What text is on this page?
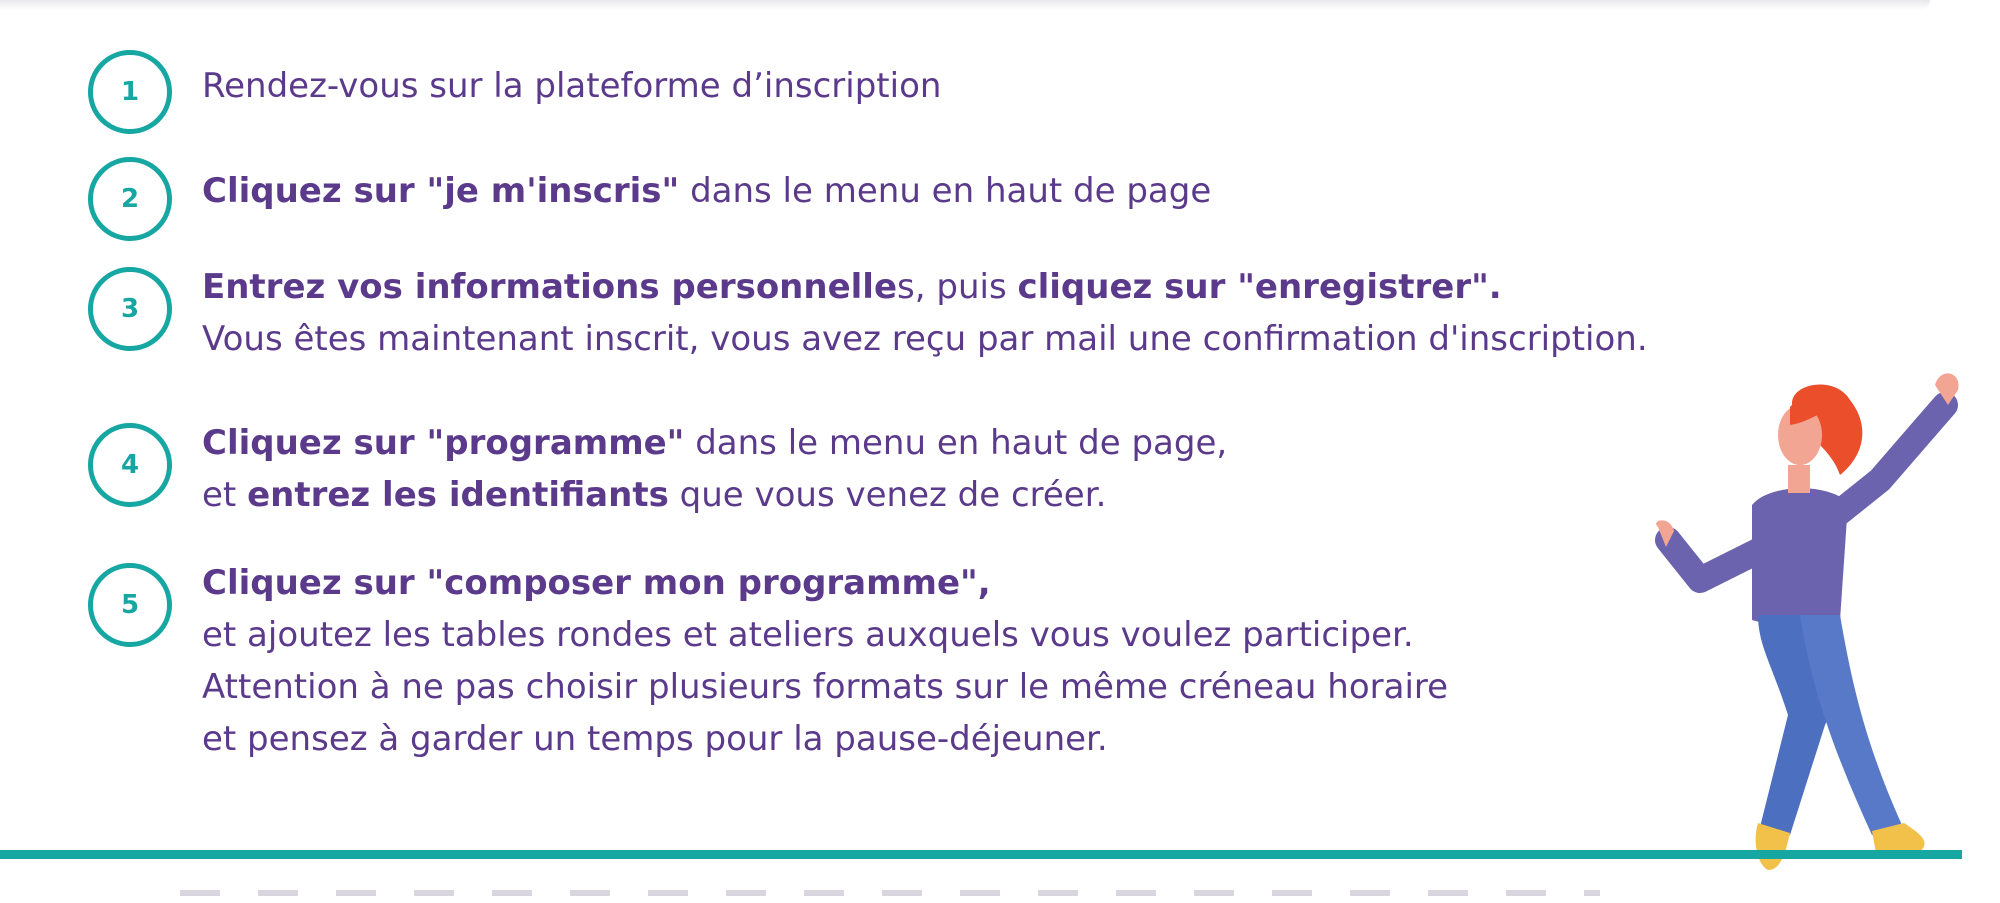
1 Rendez-vous sur la plateforme d’inscription
2 Cliquez sur "je m'inscris" dans le menu en haut de page
3
Entrez vos informations personnelles, puis cliquez sur "enregistrer".
Vous êtes maintenant inscrit, vous avez reçu par mail une confirmation d'inscription.
4
Cliquez sur "programme" dans le menu en haut de page,
et entrez les identifiants que vous venez de créer.
5
Cliquez sur "composer mon programme",
et ajoutez les tables rondes et ateliers auxquels vous voulez participer.
Attention à ne pas choisir plusieurs formats sur le même créneau horaire
et pensez à garder un temps pour la pause-déjeuner.
